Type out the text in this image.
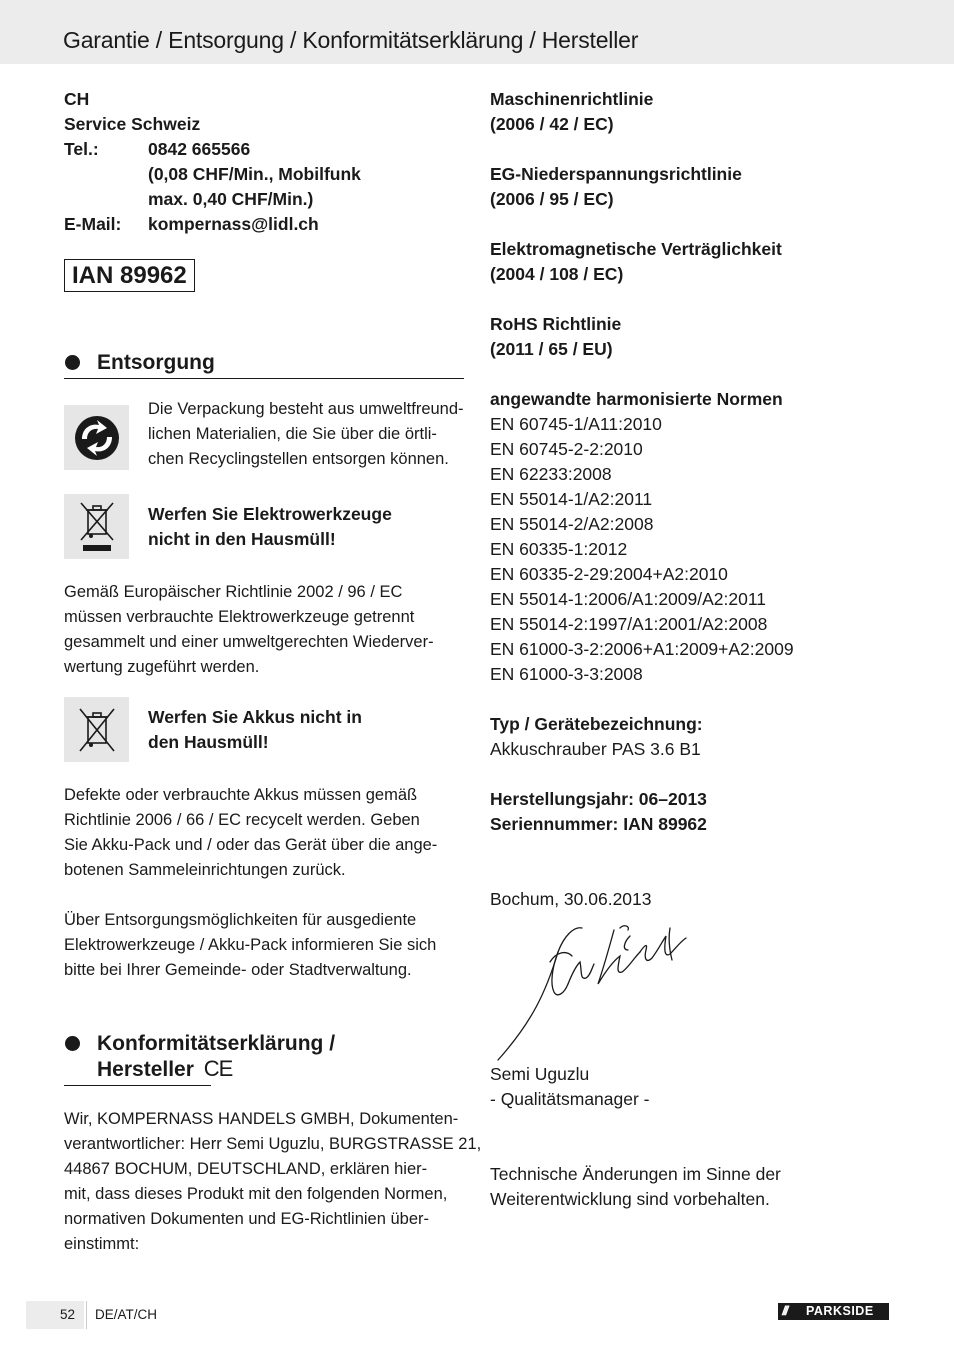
Garantie / Entsorgung / Konformitätserklärung / Hersteller
CH
Service Schweiz
Tel.:	0842 665566
(0,08 CHF/Min., Mobilfunk
max. 0,40 CHF/Min.)
E-Mail:	kompernass@lidl.ch
IAN 89962
Entsorgung
Die Verpackung besteht aus umweltfreund-
lichen Materialien, die Sie über die örtli-
chen Recyclingstellen entsorgen können.
Werfen Sie Elektrowerkzeuge
nicht in den Hausmüll!
Gemäß Europäischer Richtlinie 2002 / 96 / EC
müssen verbrauchte Elektrowerkzeuge getrennt
gesammelt und einer umweltgerechten Wiederver-
wertung zugeführt werden.
Werfen Sie Akkus nicht in
den Hausmüll!
Defekte oder verbrauchte Akkus müssen gemäß
Richtlinie 2006 / 66 / EC recycelt werden. Geben
Sie Akku-Pack und / oder das Gerät über die ange-
botenen Sammeleinrichtungen zurück.
Über Entsorgungsmöglichkeiten für ausgediente
Elektrowerkzeuge / Akku-Pack informieren Sie sich
bitte bei Ihrer Gemeinde- oder Stadtverwaltung.
Konformitätserklärung /
Hersteller CE
Wir, KOMPERNASS HANDELS GMBH, Dokumenten-
verantwortlicher: Herr Semi Uguzlu, BURGSTRASSE 21,
44867 BOCHUM, DEUTSCHLAND, erklären hier-
mit, dass dieses Produkt mit den folgenden Normen,
normativen Dokumenten und EG-Richtlinien über-
einstimmt:
Maschinenrichtlinie
(2006 / 42 / EC)
EG-Niederspannungsrichtlinie
(2006 / 95 / EC)
Elektromagnetische Verträglichkeit
(2004 / 108 / EC)
RoHS Richtlinie
(2011 / 65 / EU)
angewandte harmonisierte Normen
EN 60745-1/A11:2010
EN 60745-2-2:2010
EN 62233:2008
EN 55014-1/A2:2011
EN 55014-2/A2:2008
EN 60335-1:2012
EN 60335-2-29:2004+A2:2010
EN 55014-1:2006/A1:2009/A2:2011
EN 55014-2:1997/A1:2001/A2:2008
EN 61000-3-2:2006+A1:2009+A2:2009
EN 61000-3-3:2008
Typ / Gerätebezeichnung:
Akkuschrauber PAS 3.6 B1
Herstellungsjahr: 06–2013
Seriennummer: IAN 89962
Bochum, 30.06.2013
Semi Uguzlu
- Qualitätsmanager -
Technische Änderungen im Sinne der
Weiterentwicklung sind vorbehalten.
52 DE/AT/CH	///	PARKSIDE
